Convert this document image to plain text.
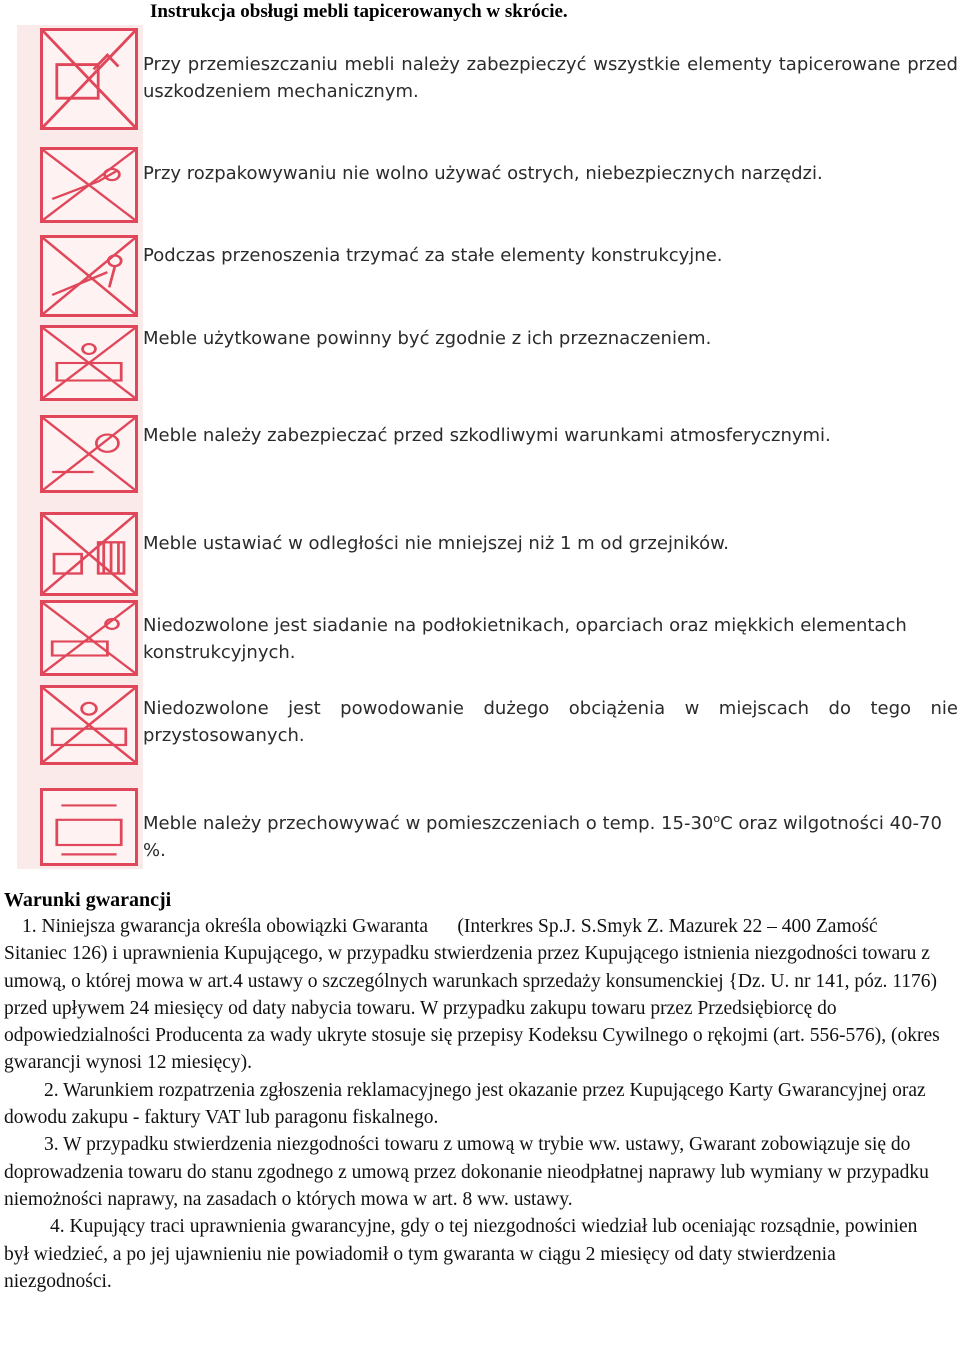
Instrukcja obsługi mebli tapicerowanych w skrócie.
Przy przemieszczaniu mebli należy zabezpieczyć wszystkie elementy tapicerowane przed uszkodzeniem mechanicznym.
Przy rozpakowywaniu nie wolno używać ostrych, niebezpiecznych narzędzi.
Podczas przenoszenia trzymać za stałe elementy konstrukcyjne.
Meble użytkowane powinny być zgodnie z ich przeznaczeniem.
Meble należy zabezpieczać przed szkodliwymi warunkami atmosferycznymi.
Meble ustawiać w odległości nie mniejszej niż 1 m od grzejników.
Niedozwolone jest siadanie na podłokietnikach, oparciach oraz miękkich elementach konstrukcyjnych.
Niedozwolone jest powodowanie dużego obciążenia w miejscach do tego nie przystosowanych.
Meble należy przechowywać w pomieszczeniach o temp. 15-30$^o$C oraz wilgotności 40-70 %.
Warunki gwarancji

1. Niniejsza gwarancja określa obowiązki Gwaranta      (Interkres Sp.J. S.Smyk Z. Mazurek 22 – 400 Zamość Sitaniec 126) i uprawnienia Kupującego, w przypadku stwierdzenia przez Kupującego istnienia niezgodności towaru z umową, o której mowa w art.4 ustawy o szczególnych warunkach sprzedaży konsumenckiej {Dz. U. nr 141, póz. 1176) przed upływem 24 miesięcy od daty nabycia towaru. W przypadku zakupu towaru przez Przedsiębiorcę do odpowiedzialności Producenta za wady ukryte stosuje się przepisy Kodeksu Cywilnego o rękojmi (art. 556-576), (okres gwarancji wynosi 12 miesięcy).

2. Warunkiem rozpatrzenia zgłoszenia reklamacyjnego jest okazanie przez Kupującego Karty Gwarancyjnej oraz dowodu zakupu - faktury VAT lub paragonu fiskalnego.

3. W przypadku stwierdzenia niezgodności towaru z umową w trybie ww. ustawy, Gwarant zobowiązuje się do doprowadzenia towaru do stanu zgodnego z umową przez dokonanie nieodpłatnej naprawy lub wymiany w przypadku niemożności naprawy, na zasadach o których mowa w art. 8 ww. ustawy.

4. Kupujący traci uprawnienia gwarancyjne, gdy o tej niezgodności wiedział lub oceniając rozsądnie, powinien był wiedzieć, a po jej ujawnieniu nie powiadomił o tym gwaranta w ciągu 2 miesięcy od daty stwierdzenia niezgodności.
